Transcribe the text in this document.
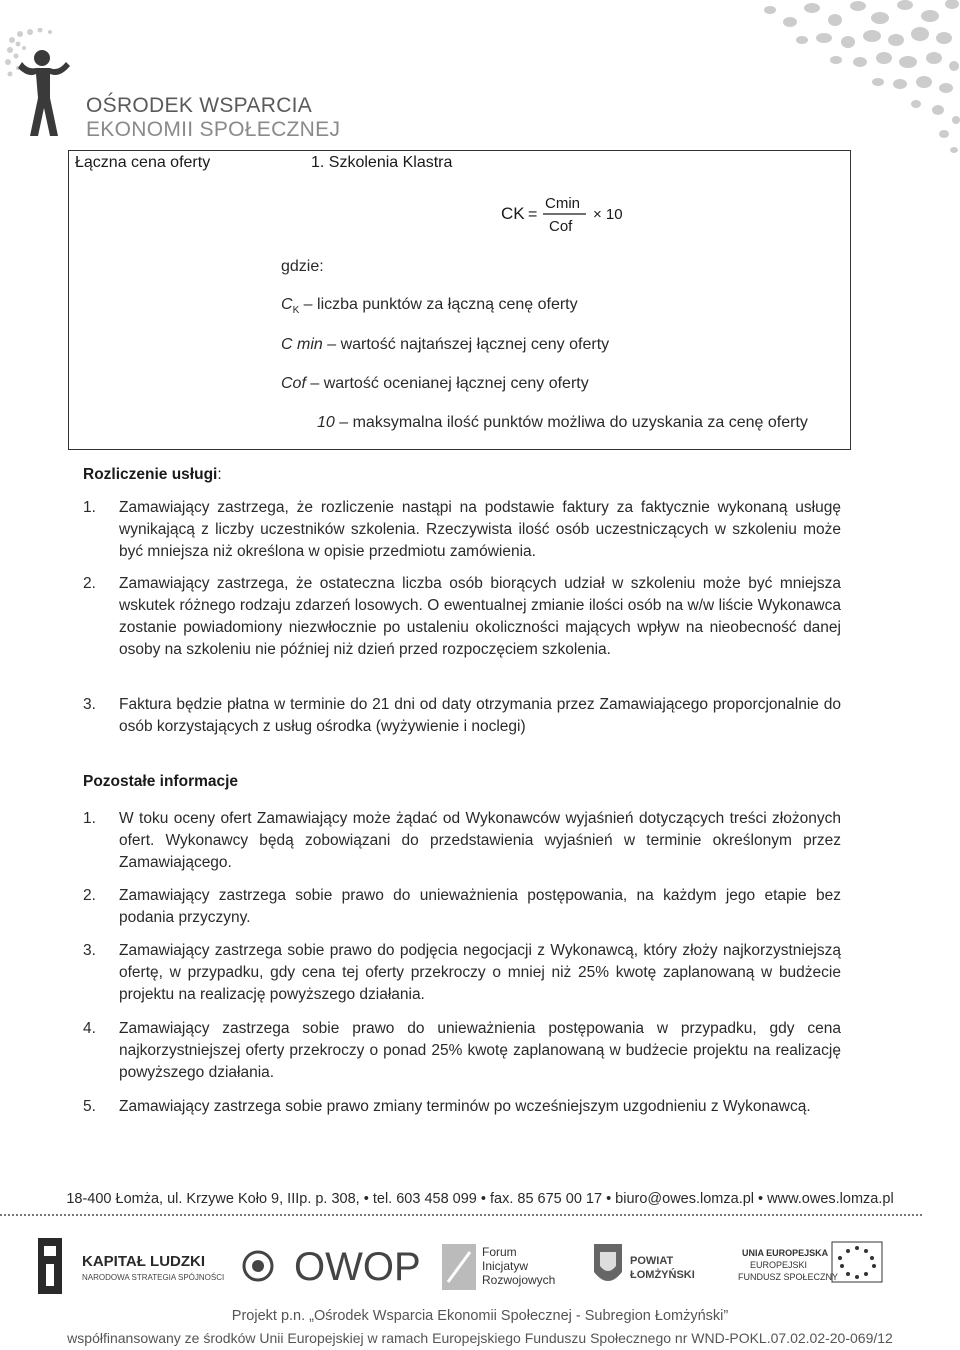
OŚRODEK WSPARCIA
EKONOMII SPOŁECZNEJ
Łączna cena oferty	1. Szkolenia Klastra
CK =
Cmin
Cof
× 10
gdzie:
$C_K$ – liczba punktów za łączną cenę oferty
C min – wartość najtańszej łącznej ceny oferty
Cof – wartość ocenianej łącznej ceny oferty
10 – maksymalna ilość punktów możliwa do uzyskania za cenę oferty
Rozliczenie usługi:
1. Zamawiający zastrzega, że rozliczenie nastąpi na podstawie faktury za faktycznie wykonaną usługę wynikającą z liczby uczestników szkolenia. Rzeczywista ilość osób uczestniczących w szkoleniu może być mniejsza niż określona w opisie przedmiotu zamówienia.
2. Zamawiający zastrzega, że ostateczna liczba osób biorących udział w szkoleniu może być mniejsza wskutek różnego rodzaju zdarzeń losowych. O ewentualnej zmianie ilości osób na w/w liście Wykonawca zostanie powiadomiony niezwłocznie po ustaleniu okoliczności mających wpływ na nieobecność danej osoby na szkoleniu nie później niż dzień przed rozpoczęciem szkolenia.
3. Faktura będzie płatna w terminie do 21 dni od daty otrzymania przez Zamawiającego proporcjonalnie do osób korzystających z usług ośrodka (wyżywienie i noclegi)
Pozostałe informacje
1. W toku oceny ofert Zamawiający może żądać od Wykonawców wyjaśnień dotyczących treści złożonych ofert. Wykonawcy będą zobowiązani do przedstawienia wyjaśnień w terminie określonym przez Zamawiającego.
2. Zamawiający zastrzega sobie prawo do unieważnienia postępowania, na każdym jego etapie bez podania przyczyny.
3. Zamawiający zastrzega sobie prawo do podjęcia negocjacji z Wykonawcą, który złoży najkorzystniejszą ofertę, w przypadku, gdy cena tej oferty przekroczy o mniej niż 25% kwotę zaplanowaną w budżecie projektu na realizację powyższego działania.
4. Zamawiający zastrzega sobie prawo do unieważnienia postępowania w przypadku, gdy cena najkorzystniejszej oferty przekroczy o ponad 25% kwotę zaplanowaną w budżecie projektu na realizację powyższego działania.
5. Zamawiający zastrzega sobie prawo zmiany terminów po wcześniejszym uzgodnieniu z Wykonawcą.
18-400 Łomża, ul. Krzywe Koło 9, IIIp. p. 308, • tel. 603 458 099 • fax. 85 675 00 17 • biuro@owes.lomza.pl • www.owes.lomza.pl
KAPITAŁ LUDZKI
NARODOWA STRATEGIA SPÓJNOŚCI OWOP	Forum
Inicjatyw
Rozwojowych
POWIAT
ŁOMŻYŃSKI
UNIA EUROPEJSKA
EUROPEJSKI
FUNDUSZ SPOŁECZNY
Projekt p.n. „Ośrodek Wsparcia Ekonomii Społecznej - Subregion Łomżyński”
współfinansowany ze środków Unii Europejskiej w ramach Europejskiego Funduszu Społecznego nr WND-POKL.07.02.02-20-069/12
